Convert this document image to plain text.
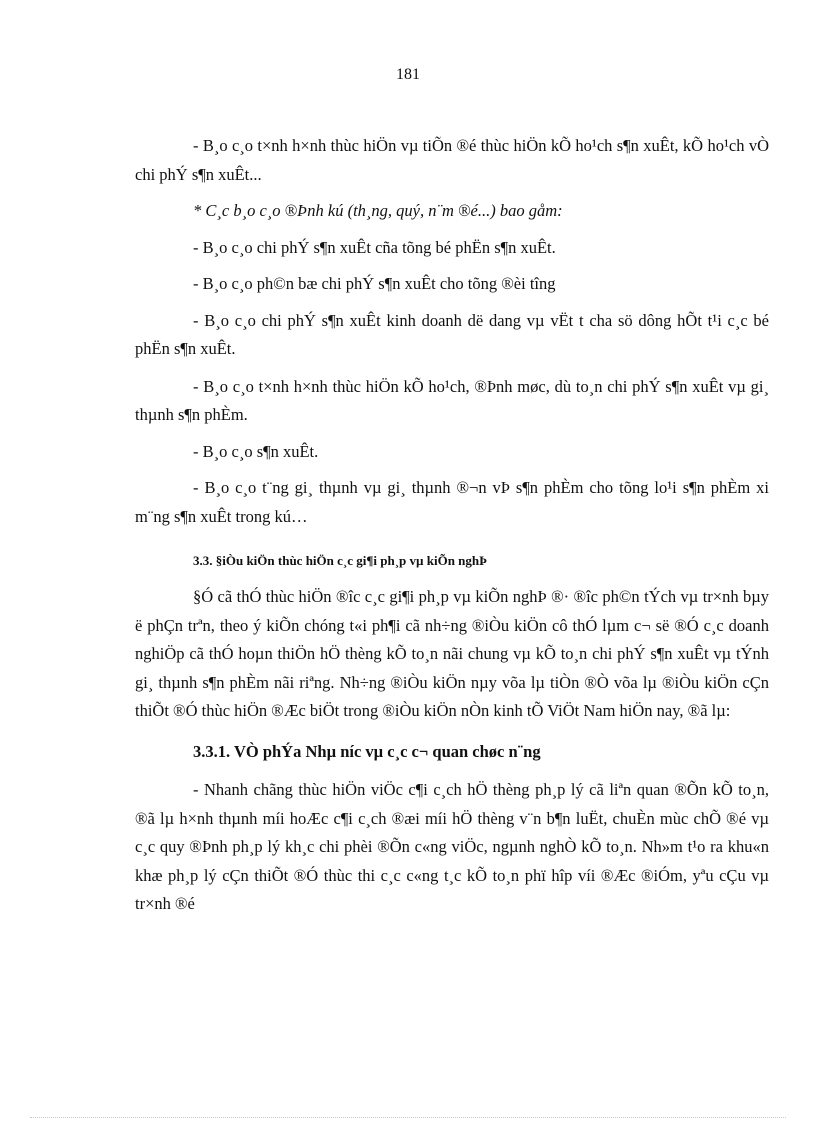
181

- B¸o c¸o t×nh h×nh thùc hiÖn vµ tiÕn ®é thùc hiÖn kÕ ho¹ch s¶n xuÊt, kÕ ho¹ch vÒ chi phÝ s¶n xuÊt...

* C¸c b¸o c¸o ®Þnh kú (th¸ng, quý, n¨m ®é...) bao gåm:

- B¸o c¸o chi phÝ s¶n xuÊt cña tõng bé phËn s¶n xuÊt.

- B¸o c¸o ph©n bæ chi phÝ s¶n xuÊt cho tõng ®èi tîng

- B¸o c¸o chi phÝ s¶n xuÊt kinh doanh dë dang vµ vËt t cha sö dông hÕt t¹i c¸c bé phËn s¶n xuÊt.

- B¸o c¸o t×nh h×nh thùc hiÖn kÕ ho¹ch, ®Þnh møc, dù to¸n chi phÝ s¶n xuÊt vµ gi¸ thµnh s¶n phÈm.

- B¸o c¸o s¶n xuÊt.

- B¸o c¸o t¨ng gi¸ thµnh vµ gi¸ thµnh ®¬n vÞ s¶n phÈm cho tõng lo¹i s¶n phÈm xi m¨ng s¶n xuÊt trong kú…

3.3. §iÒu kiÖn thùc hiÖn c¸c gi¶i ph¸p vµ kiÕn nghÞ

§Ó cã thÓ thùc hiÖn ®îc c¸c gi¶i ph¸p vµ kiÕn nghÞ ®· ®îc ph©n tÝch vµ tr×nh bµy ë phÇn trªn, theo ý kiÕn chóng t«i ph¶i cã nh÷ng ®iÒu kiÖn cô thÓ lµm c¬ së ®Ó c¸c doanh nghiÖp cã thÓ hoµn thiÖn hÖ thèng kÕ to¸n nãi chung vµ kÕ to¸n chi phÝ s¶n xuÊt vµ tÝnh gi¸ thµnh s¶n phÈm nãi riªng. Nh÷ng ®iÒu kiÖn nµy võa lµ tiÒn ®Ò võa lµ ®iÒu kiÖn cÇn thiÕt ®Ó thùc hiÖn ®Æc biÖt trong ®iÒu kiÖn nÒn kinh tÕ ViÖt Nam hiÖn nay, ®ã lµ:

3.3.1. VÒ phÝa Nhµ níc vµ c¸c c¬ quan chøc n¨ng

- Nhanh chãng thùc hiÖn viÖc c¶i c¸ch hÖ thèng ph¸p lý cã liªn quan ®Õn kÕ to¸n, ®ã lµ h×nh thµnh míi hoÆc c¶i c¸ch ®æi míi hÖ thèng v¨n b¶n luËt, chuÈn mùc chÕ ®é vµ c¸c quy ®Þnh ph¸p lý kh¸c chi phèi ®Õn c«ng viÖc, ngµnh nghÒ kÕ to¸n. Nh»m t¹o ra khu«n khæ ph¸p lý cÇn thiÕt ®Ó thùc thi c¸c c«ng t¸c kÕ to¸n phï hîp víi ®Æc ®iÓm, yªu cÇu vµ tr×nh ®é
